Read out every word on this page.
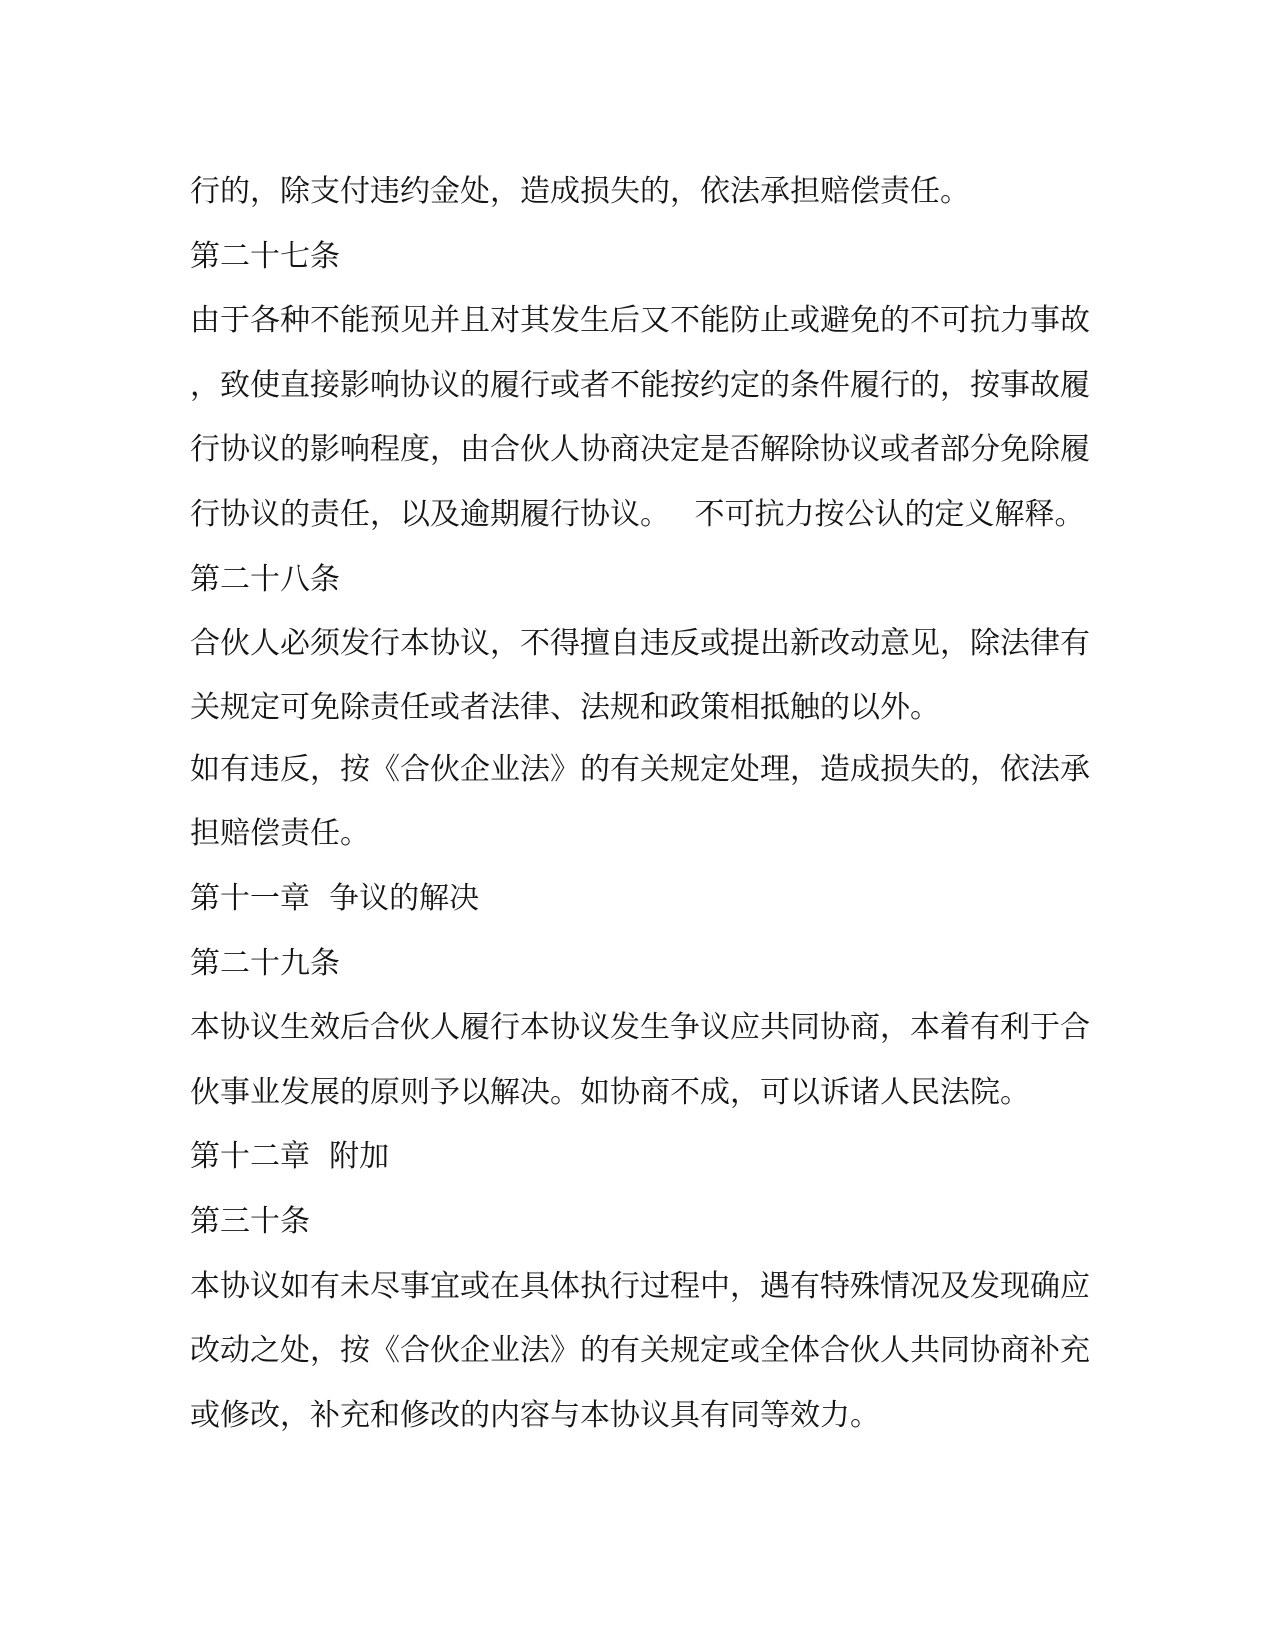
行的，除支付违约金处，造成损失的，依法承担赔偿责任。
第二十七条
由于各种不能预见并且对其发生后又不能防止或避免的不可抗力事故
，致使直接影响协议的履行或者不能按约定的条件履行的，按事故履
行协议的影响程度，由合伙人协商决定是否解除协议或者部分免除履
行协议的责任，以及逾期履行协议。　 不可抗力按公认的定义解释。
第二十八条
合伙人必须发行本协议，不得擅自违反或提出新改动意见，除法律有
关规定可免除责任或者法律、法规和政策相抵触的以外。
如有违反，按《合伙企业法》的有关规定处理，造成损失的，依法承
担赔偿责任。
第十一章  争议的解决
第二十九条
本协议生效后合伙人履行本协议发生争议应共同协商，本着有利于合
伙事业发展的原则予以解决。如协商不成，可以诉诸人民法院。
第十二章  附加
第三十条
本协议如有未尽事宜或在具体执行过程中，遇有特殊情况及发现确应
改动之处，按《合伙企业法》的有关规定或全体合伙人共同协商补充
或修改，补充和修改的内容与本协议具有同等效力。
